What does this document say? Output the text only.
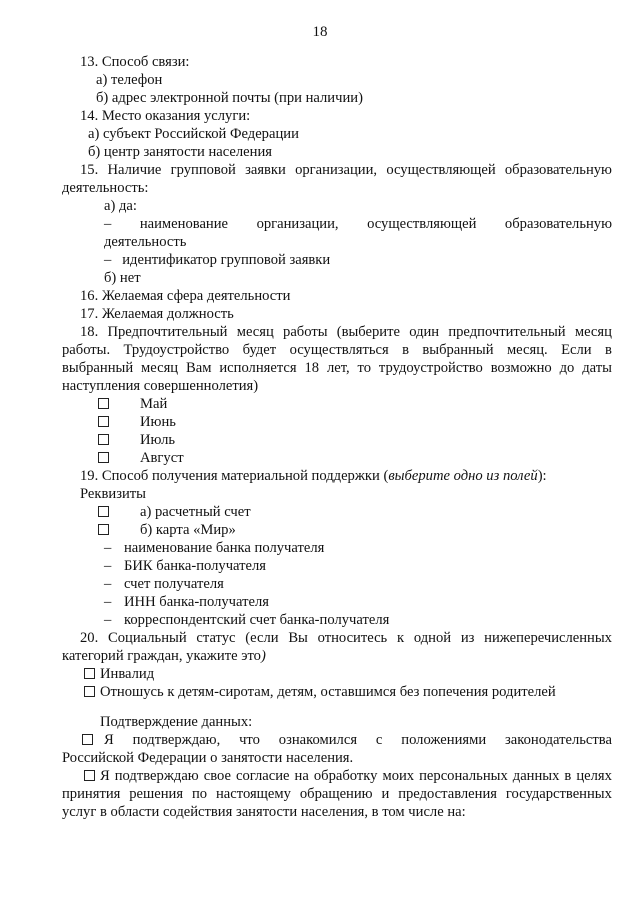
18
13. Способ связи:
а) телефон
б) адрес электронной почты (при наличии)
14. Место оказания услуги:
а) субъект Российской Федерации
б) центр занятости населения
15. Наличие групповой заявки организации, осуществляющей образовательную
деятельность:
а) да:
– наименование организации, осуществляющей образовательную
деятельность
–   идентификатор групповой заявки
б) нет
16. Желаемая сфера деятельности
17. Желаемая должность
18. Предпочтительный месяц работы (выберите один предпочтительный месяц
работы. Трудоустройство будет осуществляться в выбранный месяц. Если в
выбранный месяц Вам исполняется 18 лет, то трудоустройство возможно до даты
наступления совершеннолетия)
Май
Июнь
Июль
Август
19. Способ получения материальной поддержки (выберите одно из полей):
Реквизиты
а) расчетный счет
б) карта «Мир»
– наименование банка получателя
– БИК банка-получателя
– счет получателя
– ИНН банка-получателя
– корреспондентский счет банка-получателя
20. Социальный статус (если Вы относитесь к одной из нижеперечисленных
категорий граждан, укажите это)
Инвалид
Отношусь к детям-сиротам, детям, оставшимся без попечения родителей
Подтверждение данных:
Я подтверждаю, что ознакомился с положениями законодательства
Российской Федерации о занятости населения.
Я подтверждаю свое согласие на обработку моих персональных данных в целях
принятия решения по настоящему обращению и предоставления государственных
услуг в области содействия занятости населения, в том числе на:
